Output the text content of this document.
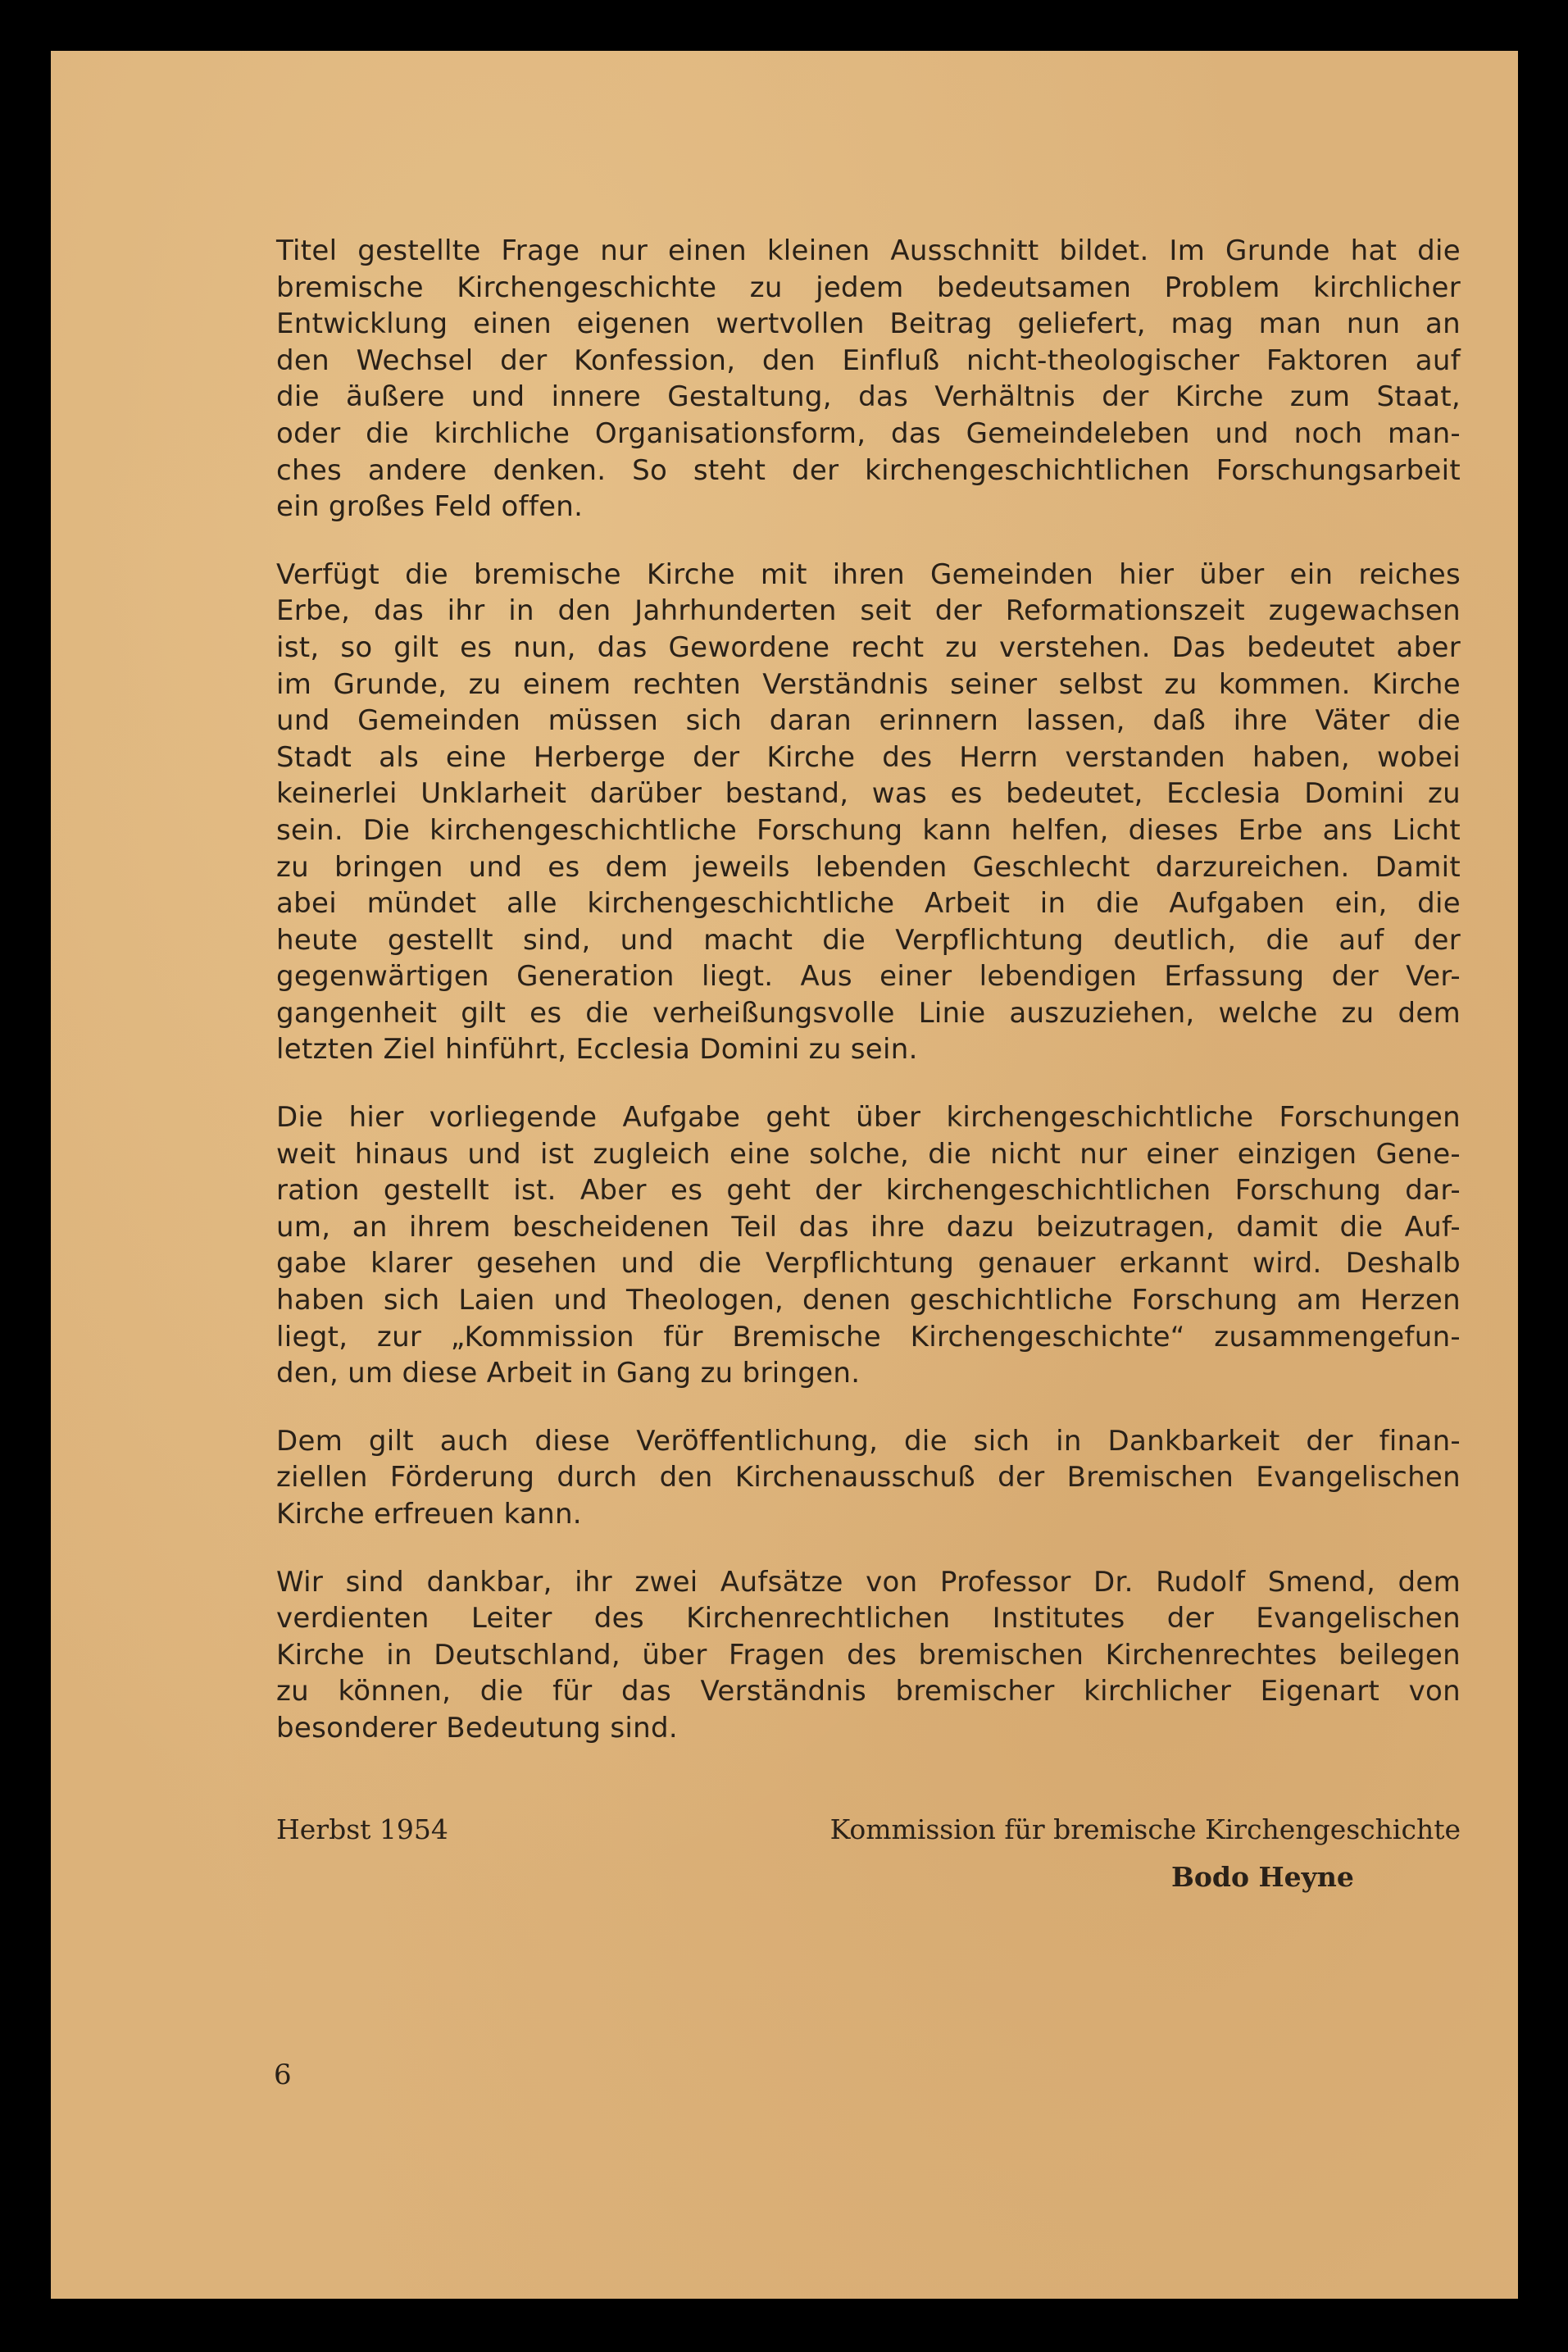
Titel gestellte Frage nur einen kleinen Ausschnitt bildet. Im Grunde hat die
bremische Kirchengeschichte zu jedem bedeutsamen Problem kirchlicher
Entwicklung einen eigenen wertvollen Beitrag geliefert, mag man nun an
den Wechsel der Konfession, den Einfluß nicht-theologischer Faktoren auf
die äußere und innere Gestaltung, das Verhältnis der Kirche zum Staat,
oder die kirchliche Organisationsform, das Gemeindeleben und noch man-
ches andere denken. So steht der kirchengeschichtlichen Forschungsarbeit
ein großes Feld offen.
Verfügt die bremische Kirche mit ihren Gemeinden hier über ein reiches
Erbe, das ihr in den Jahrhunderten seit der Reformationszeit zugewachsen
ist, so gilt es nun, das Gewordene recht zu verstehen. Das bedeutet aber
im Grunde, zu einem rechten Verständnis seiner selbst zu kommen. Kirche
und Gemeinden müssen sich daran erinnern lassen, daß ihre Väter die
Stadt als eine Herberge der Kirche des Herrn verstanden haben, wobei
keinerlei Unklarheit darüber bestand, was es bedeutet, Ecclesia Domini zu
sein. Die kirchengeschichtliche Forschung kann helfen, dieses Erbe ans Licht
zu bringen und es dem jeweils lebenden Geschlecht darzureichen. Damit
abei mündet alle kirchengeschichtliche Arbeit in die Aufgaben ein, die
heute gestellt sind, und macht die Verpflichtung deutlich, die auf der
gegenwärtigen Generation liegt. Aus einer lebendigen Erfassung der Ver-
gangenheit gilt es die verheißungsvolle Linie auszuziehen, welche zu dem
letzten Ziel hinführt, Ecclesia Domini zu sein.
Die hier vorliegende Aufgabe geht über kirchengeschichtliche Forschungen
weit hinaus und ist zugleich eine solche, die nicht nur einer einzigen Gene-
ration gestellt ist. Aber es geht der kirchengeschichtlichen Forschung dar-
um, an ihrem bescheidenen Teil das ihre dazu beizutragen, damit die Auf-
gabe klarer gesehen und die Verpflichtung genauer erkannt wird. Deshalb
haben sich Laien und Theologen, denen geschichtliche Forschung am Herzen
liegt, zur „Kommission für Bremische Kirchengeschichte“ zusammengefun-
den, um diese Arbeit in Gang zu bringen.
Dem gilt auch diese Veröffentlichung, die sich in Dankbarkeit der finan-
ziellen Förderung durch den Kirchenausschuß der Bremischen Evangelischen
Kirche erfreuen kann.
Wir sind dankbar, ihr zwei Aufsätze von Professor Dr. Rudolf Smend, dem
verdienten Leiter des Kirchenrechtlichen Institutes der Evangelischen
Kirche in Deutschland, über Fragen des bremischen Kirchenrechtes beilegen
zu können, die für das Verständnis bremischer kirchlicher Eigenart von
besonderer Bedeutung sind.
Herbst 1954	Kommission für bremische Kirchengeschichte
Bodo Heyne
6
